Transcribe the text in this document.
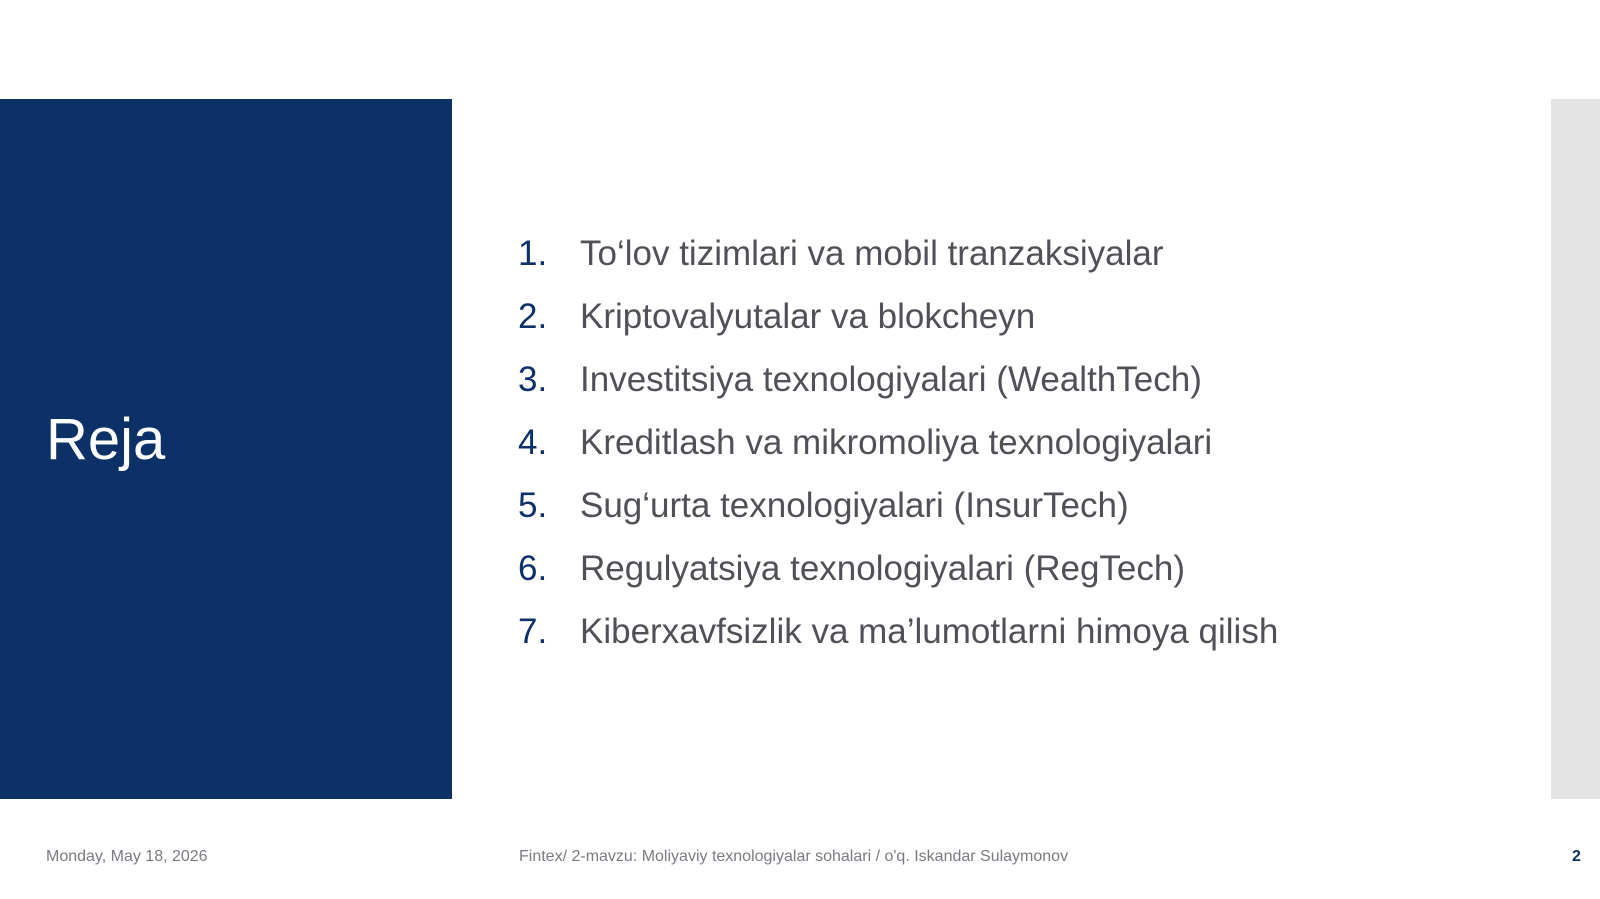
Reja
1. To‘lov tizimlari va mobil tranzaksiyalar
2. Kriptovalyutalar va blokcheyn
3. Investitsiya texnologiyalari (WealthTech)
4. Kreditlash va mikromoliya texnologiyalari
5. Sug‘urta texnologiyalari (InsurTech)
6. Regulyatsiya texnologiyalari (RegTech)
7. Kiberxavfsizlik va ma’lumotlarni himoya qilish
Monday, May 18, 2026	Fintex/ 2-mavzu: Moliyaviy texnologiyalar sohalari / o'q. Iskandar Sulaymonov	2
